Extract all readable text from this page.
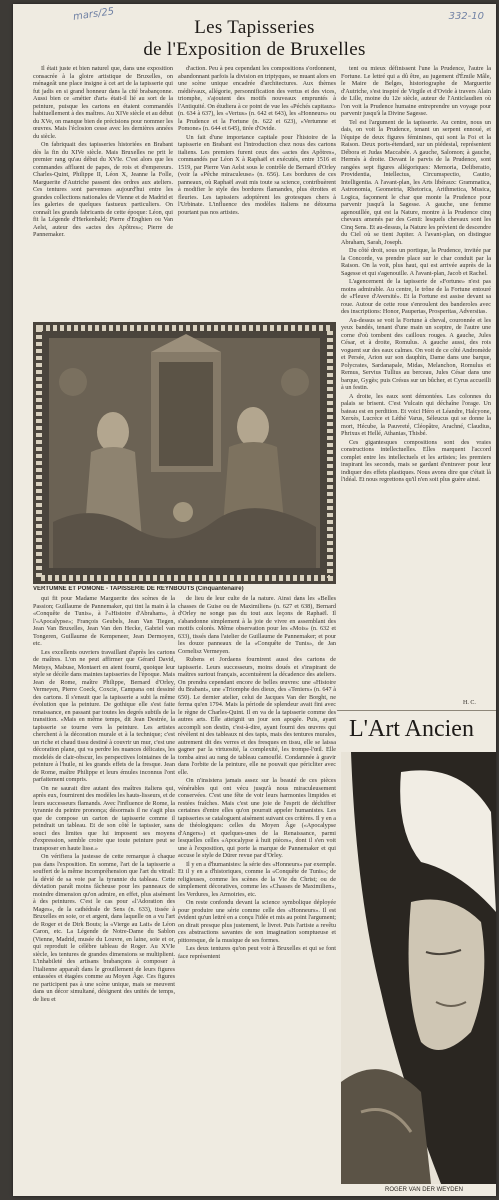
mars/25	332-10
Les Tapisseries
de l'Exposition de Bruxelles

Il était juste et bien naturel que, dans une exposition consacrée à la gloire artistique de Bruxelles, on ménageât une place insigne à cet art de la tapisserie qui fut jadis en si grand honneur dans la cité brabançonne. Aussi bien ce «métier d'art» était-il lié au sort de la peinture, puisque les cartons en étaient commandés habituellement à des maîtres. Au XIVe siècle et au début du XVe, on manque bien de précisions pour nommer les œuvres. Mais l'éclosion cesse avec les dernières années du siècle.

On fabriquait des tapisseries historiées en Brabant dès la fin du XIVe siècle. Mais Bruxelles ne prit le premier rang qu'au début du XVIe. C'est alors que les commandes affluent de papes, de rois et d'empereurs. Charles-Quint, Philippe II, Léon X, Jeanne la Folle, Marguerite d'Autriche passent des ordres aux ateliers. Ces tentures sont parvenues aujourd'hui entre les grandes collections nationales de Vienne et de Madrid et les galeries de quelques fastueux particuliers. On connaît les grands fabricants de cette époque: Léon, qui fit la Légende d'Herkenbald; Pierre d'Enghien ou Van Aelst, auteur des «actes des Apôtres»; Pierre de Pannemaker.

d'action. Peu à peu cependant les compositions s'ordonnent, abandonnant parfois la division en triptyques, se muant alors en une scène unique encadrée d'architectures. Aux thèmes médiévaux, allégorie, personnification des vertus et des vices, triomphe, s'ajoutent des motifs nouveaux empruntés à l'Antiquité. On étudiera à ce point de vue les «Péchés capitaux» (n. 634 à 637), les «Vertus» (n. 642 et 643), les «Honneurs» ou la Prudence et la Fortune (n. 622 et 623), «Vertumne et Pomone» (n. 644 et 645), tirée d'Ovide.

Un fait d'une importance capitale pour l'histoire de la tapisserie en Brabant est l'introduction chez nous des cartons italiens. Les premiers furent ceux des «actes des Apôtres», commandés par Léon X à Raphaël et exécutés, entre 1516 et 1519, par Pierre Van Aelst sous le contrôle de Bernard d'Orley (voir la «Pêche miraculeuse» (n. 656). Les bordures de ces panneaux, où Raphaël avait mis toute sa science, contribuèrent à modifier le style des bordures flamandes, plus étroites et fleuries. Les tapissiers adoptèrent les grotesques chers à l'Urbinate. L'influence des modèles italiens ne détourna pourtant pas nos artistes.

VERTUMNE ET POMONE - TAPISSERIE DE REYNBOUTS (Cinquantenaire)

qui fit pour Madame Marguerite des scènes de la Passion; Guillaume de Pannemaker, qui tint la main à la «Conquête de Tunis», à l'«Histoire d'Abraham», à l'«Apocalypse»; François Geubels, Jean Van Tiegen, Jean Van Bruxelles, Jean Van den Hecke, Gabriel van Tongeren, Guillaume de Kempeneer, Jean Dermoyen, etc.

Les excellents ouvriers travaillant d'après les cartons de maîtres. L'on ne peut affirmer que Gérard David, Metsys, Mabuse, Montaert en aient fourni, quoique leur style se décèle dans maintes tapisseries de l'époque. Mais Jean de Rome, maître Philippe, Bernard d'Orley, Vermeyen, Pierre Coeck, Coxcie, Campana ont dessiné des cartons. Il s'ensuit que la tapisserie a subi la même évolution que la peinture. De gothique elle s'est faite renaissance, en passant par toutes les degrés subtils de la transition. «Mais en même temps, dit Jean Destrée, la tapisserie se tourne vers la peinture. Les artistes cherchent à la décoration murale et à la technique; c'est un riche et chaud tissu destiné à couvrir un mur, c'est une décoration plane, qui va perdre les nuances délicates, les modelés de clair-obscur, les perspectives lointaines de la peinture à l'huile, ni les grands effets de la fresque. Jean de Rome, maître Philippe et leurs émules inconnus l'ont parfaitement compris.

On ne saurait dire autant des maîtres italiens qui, après eux, fournirent des modèles les hauts-lisseurs, et de leurs successeurs flamands. Avec l'influence de Rome, la tyrannie du peintre prononça; désormais il ne s'agit plus que de compose un carton de tapisserie comme il peindrait un tableau. Et de son côté le tapissier, sans souci des limites que lui imposent ses moyens d'expression, semble croire que toute peinture peut se transposer en haute lisse.»

On vérifiera la justesse de cette remarque à chaque pas dans l'exposition. En somme, l'art de la tapisserie a souffert de la même incompréhension que l'art du vitrail: la dévié de sa voie par la tyrannie du tableau. Cette déviation paraît moins fâcheuse pour les panneaux de moindre dimension qu'on admire, en effet, plus aisément à des peintures. C'est le cas pour «l'Adoration des Mages», de la cathédrale de Sens (n. 633), tissée à Bruxelles en soie, or et argent, dans laquelle on a vu l'art de Roger et de Dirk Bouts; la «Vierge au Lait» de Léon Caron, etc. La Légende de Notre-Dame du Sablon (Vienne, Madrid, musée du Louvre, en laine, soie et or, qui reproduit le célèbre tableau de Roger. Au XVIe siècle, les tentures de grandes dimensions se multiplient. L'inhabileté des artisans brabançons à composer à l'italienne apparaît dans le grouillement de leurs figures entassées et étagées comme au Moyen Âge. Ces figures ne participent pas à une scène unique, mais se meuvent dans un décor simultané, désignent des unités de temps, de lieu et

de lieu de leur culte de la nature. Ainsi dans les «Belles chasses de Guise ou de Maximilien» (n. 627 et 638), Bernard d'Orley ne songe pas du tout aux leçons de Raphaël. Il s'abandonne simplement à la joie de vivre en assemblant des motifs colorés. Même observation pour les «Mois» (n. 632 et 633), tissés dans l'atelier de Guillaume de Pannemaker; et pour les douze panneaux de la «Conquête de Tunis», de Jan Cornelisz Vermeyen.

Rubens et Jordaens fournirent aussi des cartons de tapisserie. Leurs successeurs, moins doués et s'inspirant de maîtres surtout français, accentuèrent la décadence des ateliers. On prendra cependant encore de belles œuvres: une «Histoire du Brabant», une «Triomphe des dieux, des «Teniers» (n. 647 à 650). Le dernier atelier, celui de Jacques Van der Borght, ne ferma qu'en 1794. Mais la période de splendeur avait fini avec le règne de Charles-Quint. Il en va de la tapisserie comme des autres arts. Elle atteignit un jour son apogée. Puis, ayant accompli son destin, c'est-à-dire, ayant fourni des œuvres qui révèlent ni des tableaux ni des tapis, mais des tentures murales, autrement dit des verres et des fresques en tissu, elle se laissa gagner par la virtuosité, la complexité, les trompe-l'œil. Elle tomba ainsi au rang de tableau camouflé. Condamnée à gravir dans l'orbite de la peinture, elle ne pouvait que péricliter avec elle.

On n'insistera jamais assez sur la beauté de ces pièces vénérables qui ont vécu jusqu'à nous miraculeusement conservées. C'est une fête de voir leurs harmonies limpides et restées fraîches. Mais c'est une joie de l'esprit de déchiffrer certaines d'entre elles qu'on pourrait appeler humanistes. Les tapisseries se cataloguent aisément suivant ces critères. Il y en a de théologiques: celles du Moyen Âge («Apocalypse d'Angers») et quelques-unes de la Renaissance, parmi lesquelles celles «Apocalypse à huit pièces», dont il s'en voit une à l'exposition, qui porte la marque de Pannemaker et qui accuse le style de Dürer revue par d'Orley.

Il y en a d'humanistes: la série des «Honneurs» par exemple. Et il y en a d'historiques, comme la «Conquête de Tunis»; de religieuses, comme les scènes de la Vie du Christ; ou de simplement décoratives, comme les «Chasses de Maximilien», les Verdures, les Armoiries, etc.

On reste confondu devant la science symbolique déployée pour produire une série comme celle des «Honneurs». Il est évident qu'un lettré en a conçu l'idée et mis au point l'argument; on dirait presque plus justement, le livret. Puis l'artiste a revêtu ces abstractions savantes de son imagination somptueuse et pittoresque, de la musique de ses formes.

Les deux tentures qu'on peut voir à Bruxelles et qui se font face représentent

tent ou mieux définissent l'une la Prudence, l'autre la Fortune. Le lettré qui a dû être, au jugement d'Émile Mâle, le Maire de Belges, historiographe de Marguerite d'Autriche, s'est inspiré de Virgile et d'Ovide à travers Alain de Lille, moine du 12e siècle, auteur de l'Anticlaudien où l'on voit la Prudence humaine entreprendre un voyage pour parvenir jusqu'à la Divine Sagesse.

Tel est l'argument de la tapisserie. Au centre, nous un dais, on voit la Prudence, tenant un serpent ennoué, et l'équipe de deux figures féminines, qui sont la Foi et la Raison. Deux ports-étendard, sur un piédestal, représentent Débora et Judas Maccabée. A gauche, Salomon; à gauche, Hermès à droite. Devant le parvis de la Prudence, sont rangées sept figures allégoriques: Memoria, Deliberatio, Providentia, Intellectus, Circumspectio, Cautio, Intelligentia. A l'avant-plan, les Arts libéraux: Grammatica, Astronomia, Geometria, Rhetorica, Arithmetica, Musica, Logica, façonnent le char que monte la Prudence pour parvenir jusqu'à la Sagesse. A gauche, une femme agenouillée, qui est la Nature, montre à la Prudence cinq chevaux amenés par des Genii: lesquels chevaux sont les Cinq Sens. Et au-dessus, la Nature les prévient de descendre du Ciel où se tient Jupiter. A l'avant-plan, on distingue Abraham, Sarah, Joseph.

Du côté droit, sous un portique, la Prudence, invitée par la Concorde, va prendre place sur le char conduit par la Raison. On la voit, plus haut, qui est arrivée auprès de la Sagesse et qui s'agenouille. A l'avant-plan, Jacob et Rachel.

L'agencement de la tapisserie de «Fortune» n'est pas moins admirable. Au centre, le trône de la Fortune entouré de «Fleuve d'Aversité». Et la Fortune est assise devant sa roue. Autour de cette roue s'enroulent des banderoles avec des inscriptions: Honor, Paupertas, Prosperitas, Adversitas.

Au-dessus se voit la Fortune à cheval, couronnée et les yeux bandés, tenant d'une main un sceptre, de l'autre une corne d'où tombent des cailloux rouges. A gauche, Jules César, et à droite, Romulus. A gauche aussi, des rois voguent sur des eaux calmes. On voit de ce côté Andromède et Persée, Arion sur son dauphin, Dame dans une barque, Polycrates, Sardanapale, Midas, Melanchon, Romulus et Remus, Servius Tullius au berceau, Jules César dans une barque, Gygès; puis Crésus sur un bûcher, et Cyrus accueilli à un festin.

A droite, les eaux sont démontées. Les colonnes du palais se brisent. C'est Vulcain qui déchaîne l'orage. Un bateau est en perdition. Et voici Héro et Léandre, Halcyone, Xerxès, Lucrèce et Léthé Varus, Séleucus qui se donne la mort, Hécube, la Pauvreté, Cléopâtre, Arachné, Claudius, Phrixus et Hellé, Athanias, Thisbé.

Ces gigantesques compositions sont des vraies constructions intellectuelles. Elles marquent l'accord complet entre les intellectuels et les artistes; les premiers inspirant les seconds, mais se gardant d'entraver pour leur indiquer des effets plastiques. Nous avons dire que c'était là l'idéal. Et nous regrettons qu'il n'en soit plus guère ainsi.

H. C.
L'Art Ancien
ROGER VAN DER WEYDEN
